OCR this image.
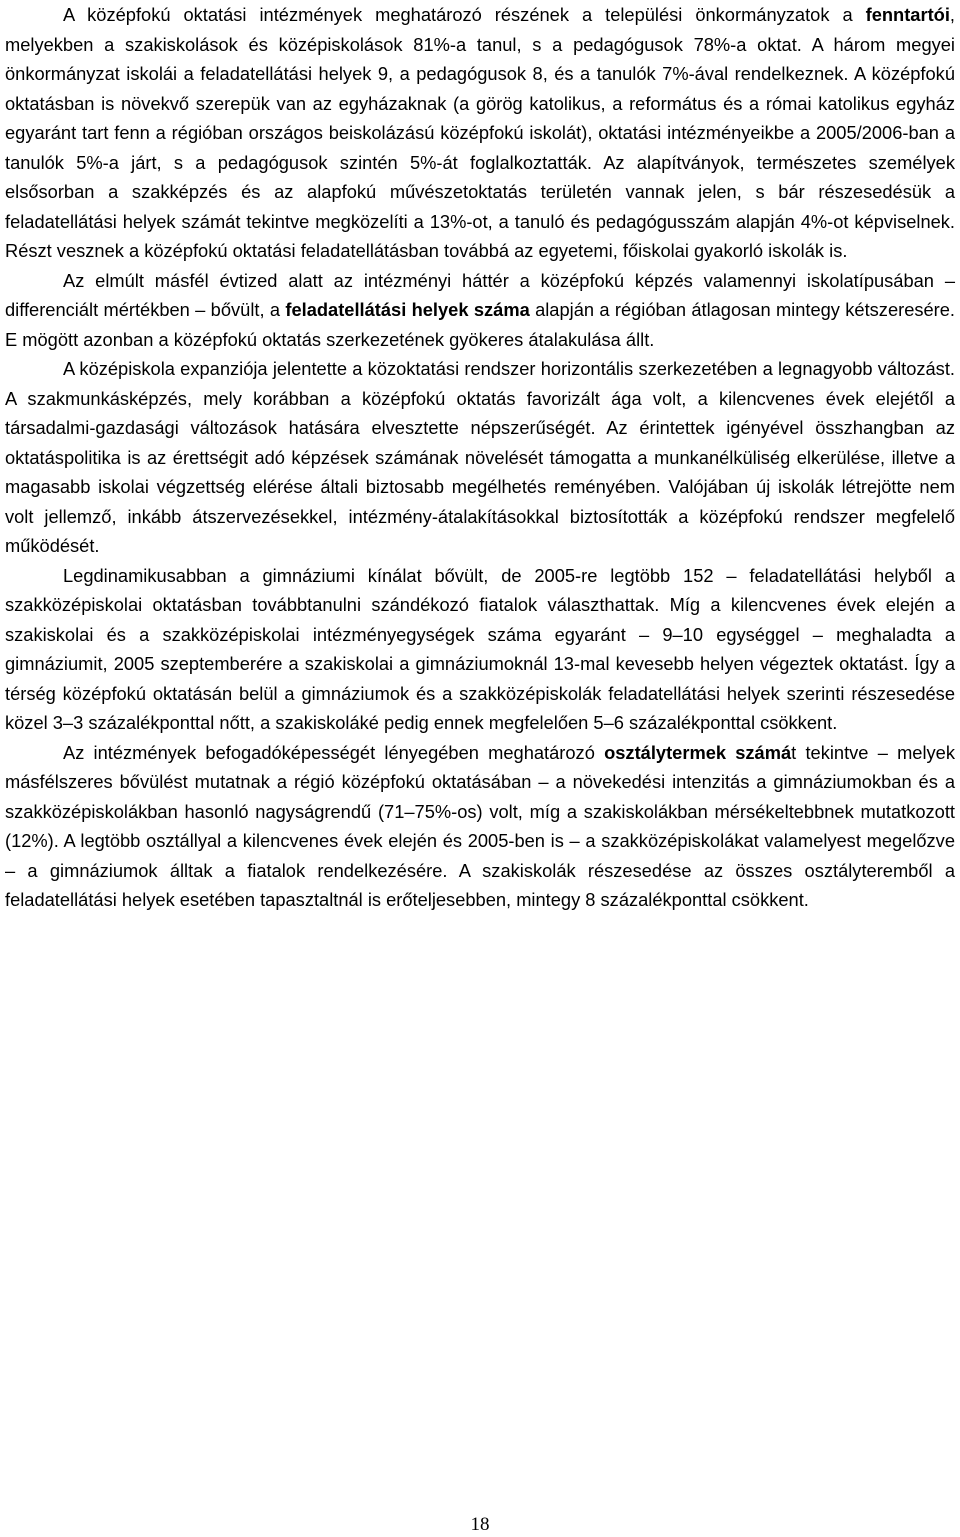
A középfokú oktatási intézmények meghatározó részének a települési önkormányzatok a fenntartói, melyekben a szakiskolások és középiskolások 81%-a tanul, s a pedagógusok 78%-a oktat. A három megyei önkormányzat iskolái a feladatellátási helyek 9, a pedagógusok 8, és a tanulók 7%-ával rendelkeznek. A középfokú oktatásban is növekvő szerepük van az egyházaknak (a görög katolikus, a református és a római katolikus egyház egyaránt tart fenn a régióban országos beiskolázású középfokú iskolát), oktatási intézményeikbe a 2005/2006-ban a tanulók 5%-a járt, s a pedagógusok szintén 5%-át foglalkoztatták. Az alapítványok, természetes személyek elsősorban a szakképzés és az alapfokú művészetoktatás területén vannak jelen, s bár részesedésük a feladatellátási helyek számát tekintve megközelíti a 13%-ot, a tanuló és pedagógusszám alapján 4%-ot képviselnek. Részt vesznek a középfokú oktatási feladatellátásban továbbá az egyetemi, főiskolai gyakorló iskolák is.

Az elmúlt másfél évtized alatt az intézményi háttér a középfokú képzés valamennyi iskolatípusában – differenciált mértékben – bővült, a feladatellátási helyek száma alapján a régióban átlagosan mintegy kétszeresére. E mögött azonban a középfokú oktatás szerkezetének gyökeres átalakulása állt.

A középiskola expanziója jelentette a közoktatási rendszer horizontális szerkezetében a legnagyobb változást. A szakmunkásképzés, mely korábban a középfokú oktatás favorizált ága volt, a kilencvenes évek elejétől a társadalmi-gazdasági változások hatására elvesztette népszerűségét. Az érintettek igényével összhangban az oktatáspolitika is az érettségit adó képzések számának növelését támogatta a munkanélküliség elkerülése, illetve a magasabb iskolai végzettség elérése általi biztosabb megélhetés reményében. Valójában új iskolák létrejötte nem volt jellemző, inkább átszervezésekkel, intézmény-átalakításokkal biztosították a középfokú rendszer megfelelő működését.

Legdinamikusabban a gimnáziumi kínálat bővült, de 2005-re legtöbb 152 – feladatellátási helyből a szakközépiskolai oktatásban továbbtanulni szándékozó fiatalok választhattak. Míg a kilencvenes évek elején a szakiskolai és a szakközépiskolai intézményegységek száma egyaránt – 9–10 egységgel – meghaladta a gimnáziumit, 2005 szeptemberére a szakiskolai a gimnáziumoknál 13-mal kevesebb helyen végeztek oktatást. Így a térség középfokú oktatásán belül a gimnáziumok és a szakközépiskolák feladatellátási helyek szerinti részesedése közel 3–3 százalékponttal nőtt, a szakiskoláké pedig ennek megfelelően 5–6 százalékponttal csökkent.

Az intézmények befogadóképességét lényegében meghatározó osztálytermek számát tekintve – melyek másfélszeres bővülést mutatnak a régió középfokú oktatásában – a növekedési intenzitás a gimnáziumokban és a szakközépiskolákban hasonló nagyságrendű (71–75%-os) volt, míg a szakiskolákban mérsékeltebbnek mutatkozott (12%). A legtöbb osztállyal a kilencvenes évek elején és 2005-ben is – a szakközépiskolákat valamelyest megelőzve – a gimnáziumok álltak a fiatalok rendelkezésére. A szakiskolák részesedése az összes osztályteremből a feladatellátási helyek esetében tapasztaltnál is erőteljesebben, mintegy 8 százalékponttal csökkent.

18
